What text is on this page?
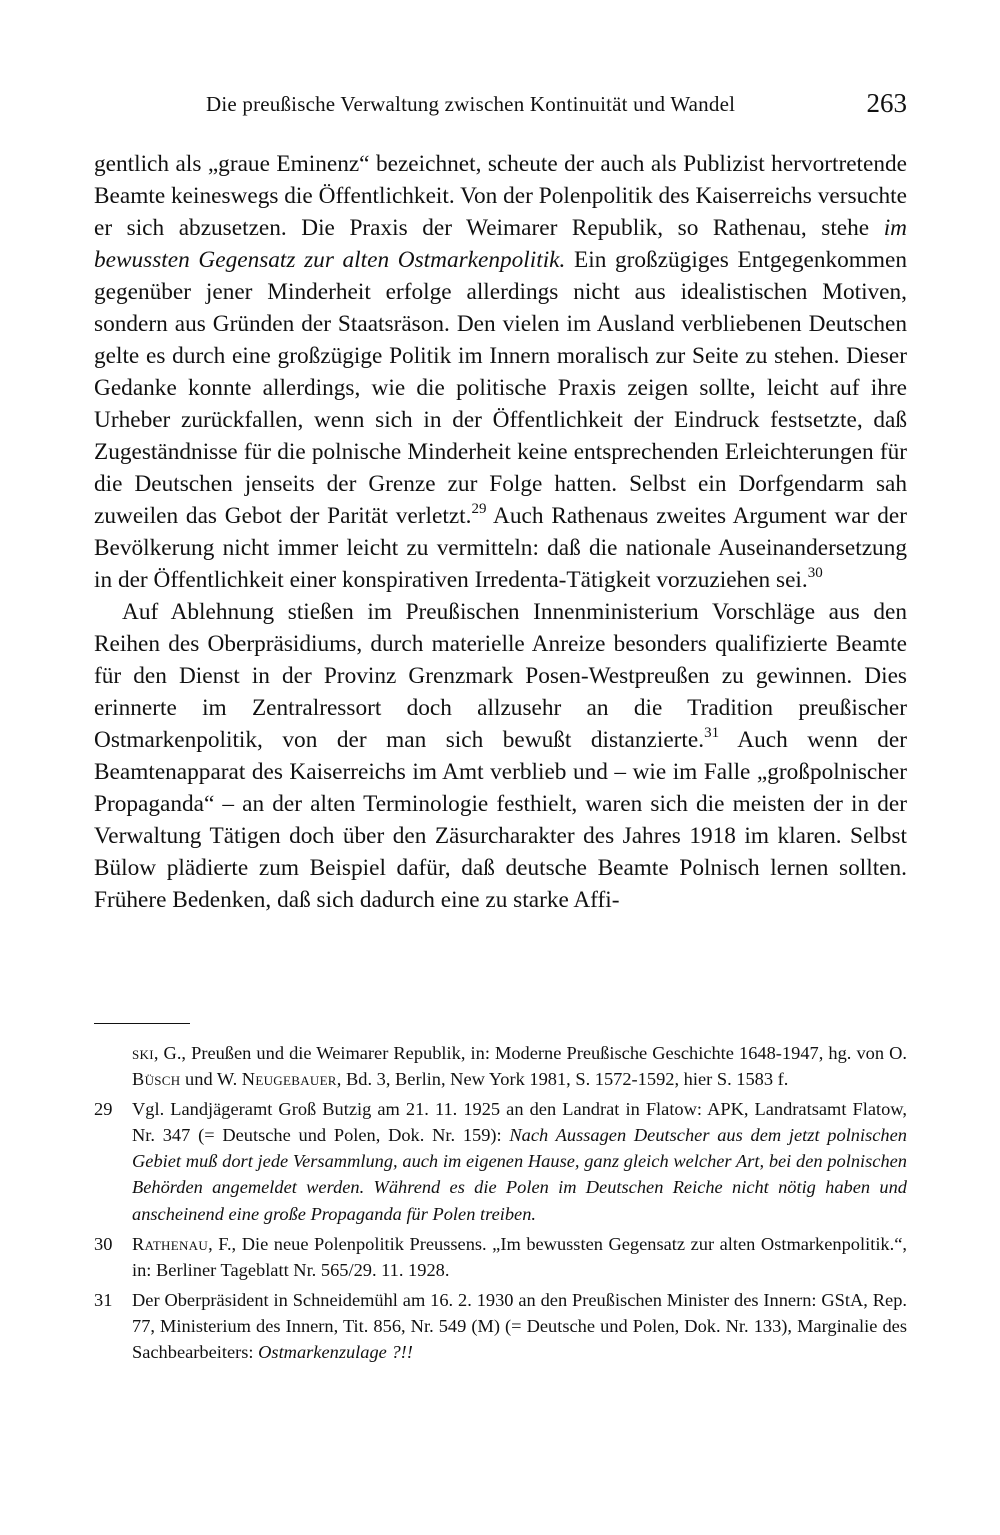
Die preußische Verwaltung zwischen Kontinuität und Wandel	263

gentlich als „graue Eminenz“ bezeichnet, scheute der auch als Publizist hervortretende Beamte keineswegs die Öffentlichkeit. Von der Polenpolitik des Kaiserreichs versuchte er sich abzusetzen. Die Praxis der Weimarer Republik, so Rathenau, stehe im bewussten Gegensatz zur alten Ostmarkenpolitik. Ein großzügiges Entgegenkommen gegenüber jener Minderheit erfolge allerdings nicht aus idealistischen Motiven, sondern aus Gründen der Staatsräson. Den vielen im Ausland verbliebenen Deutschen gelte es durch eine großzügige Politik im Innern moralisch zur Seite zu stehen. Dieser Gedanke konnte allerdings, wie die politische Praxis zeigen sollte, leicht auf ihre Urheber zurückfallen, wenn sich in der Öffentlichkeit der Eindruck festsetzte, daß Zugeständnisse für die polnische Minderheit keine entsprechenden Erleichterungen für die Deutschen jenseits der Grenze zur Folge hatten. Selbst ein Dorfgendarm sah zuweilen das Gebot der Parität verletzt.$^{29}$ Auch Rathenaus zweites Argument war der Bevölkerung nicht immer leicht zu vermitteln: daß die nationale Auseinandersetzung in der Öffentlichkeit einer konspirativen Irredenta-Tätigkeit vorzuziehen sei.$^{30}$

Auf Ablehnung stießen im Preußischen Innenministerium Vorschläge aus den Reihen des Oberpräsidiums, durch materielle Anreize besonders qualifizierte Beamte für den Dienst in der Provinz Grenzmark Posen-Westpreußen zu gewinnen. Dies erinnerte im Zentralressort doch allzusehr an die Tradition preußischer Ostmarkenpolitik, von der man sich bewußt distanzierte.$^{31}$ Auch wenn der Beamtenapparat des Kaiserreichs im Amt verblieb und – wie im Falle „großpolnischer Propaganda“ – an der alten Terminologie festhielt, waren sich die meisten der in der Verwaltung Tätigen doch über den Zäsurcharakter des Jahres 1918 im klaren. Selbst Bülow plädierte zum Beispiel dafür, daß deutsche Beamte Polnisch lernen sollten. Frühere Bedenken, daß sich dadurch eine zu starke Affi-

ski, G., Preußen und die Weimarer Republik, in: Moderne Preußische Geschichte 1648-1947, hg. von O. Büsch und W. Neugebauer, Bd. 3, Berlin, New York 1981, S. 1572-1592, hier S. 1583 f.

29 Vgl. Landjägeramt Groß Butzig am 21. 11. 1925 an den Landrat in Flatow: APK, Landratsamt Flatow, Nr. 347 (= Deutsche und Polen, Dok. Nr. 159): Nach Aussagen Deutscher aus dem jetzt polnischen Gebiet muß dort jede Versammlung, auch im eigenen Hause, ganz gleich welcher Art, bei den polnischen Behörden angemeldet werden. Während es die Polen im Deutschen Reiche nicht nötig haben und anscheinend eine große Propaganda für Polen treiben.

30 Rathenau, F., Die neue Polenpolitik Preussens. „Im bewussten Gegensatz zur alten Ostmarkenpolitik.“, in: Berliner Tageblatt Nr. 565/29. 11. 1928.

31 Der Oberpräsident in Schneidemühl am 16. 2. 1930 an den Preußischen Minister des Innern: GStA, Rep. 77, Ministerium des Innern, Tit. 856, Nr. 549 (M) (= Deutsche und Polen, Dok. Nr. 133), Marginalie des Sachbearbeiters: Ostmarkenzulage ?!!
